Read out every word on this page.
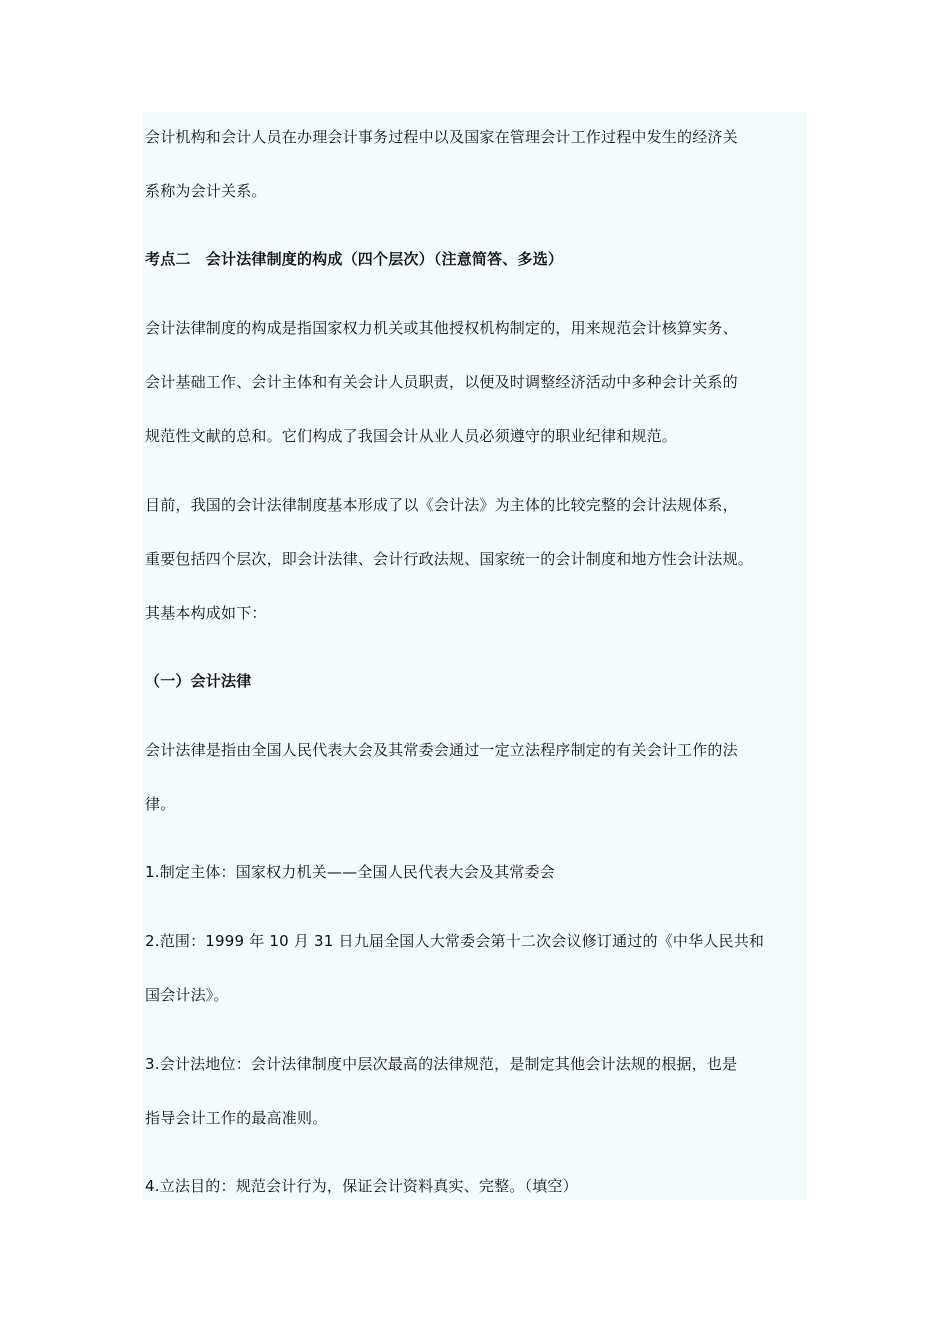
会计机构和会计人员在办理会计事务过程中以及国家在管理会计工作过程中发生的经济关
系称为会计关系。
考点二　会计法律制度的构成（四个层次）（注意简答、多选）
会计法律制度的构成是指国家权力机关或其他授权机构制定的，用来规范会计核算实务、
会计基础工作、会计主体和有关会计人员职责，以便及时调整经济活动中多种会计关系的
规范性文献的总和。它们构成了我国会计从业人员必须遵守的职业纪律和规范。
目前，我国的会计法律制度基本形成了以《会计法》为主体的比较完整的会计法规体系，
重要包括四个层次，即会计法律、会计行政法规、国家统一的会计制度和地方性会计法规。
其基本构成如下：
（一）会计法律
会计法律是指由全国人民代表大会及其常委会通过一定立法程序制定的有关会计工作的法
律。
1.制定主体：国家权力机关——全国人民代表大会及其常委会
2.范围：1999 年 10 月 31 日九届全国人大常委会第十二次会议修订通过的《中华人民共和
国会计法》。
3.会计法地位：会计法律制度中层次最高的法律规范，是制定其他会计法规的根据，也是
指导会计工作的最高准则。
4.立法目的：规范会计行为，保证会计资料真实、完整。（填空）
